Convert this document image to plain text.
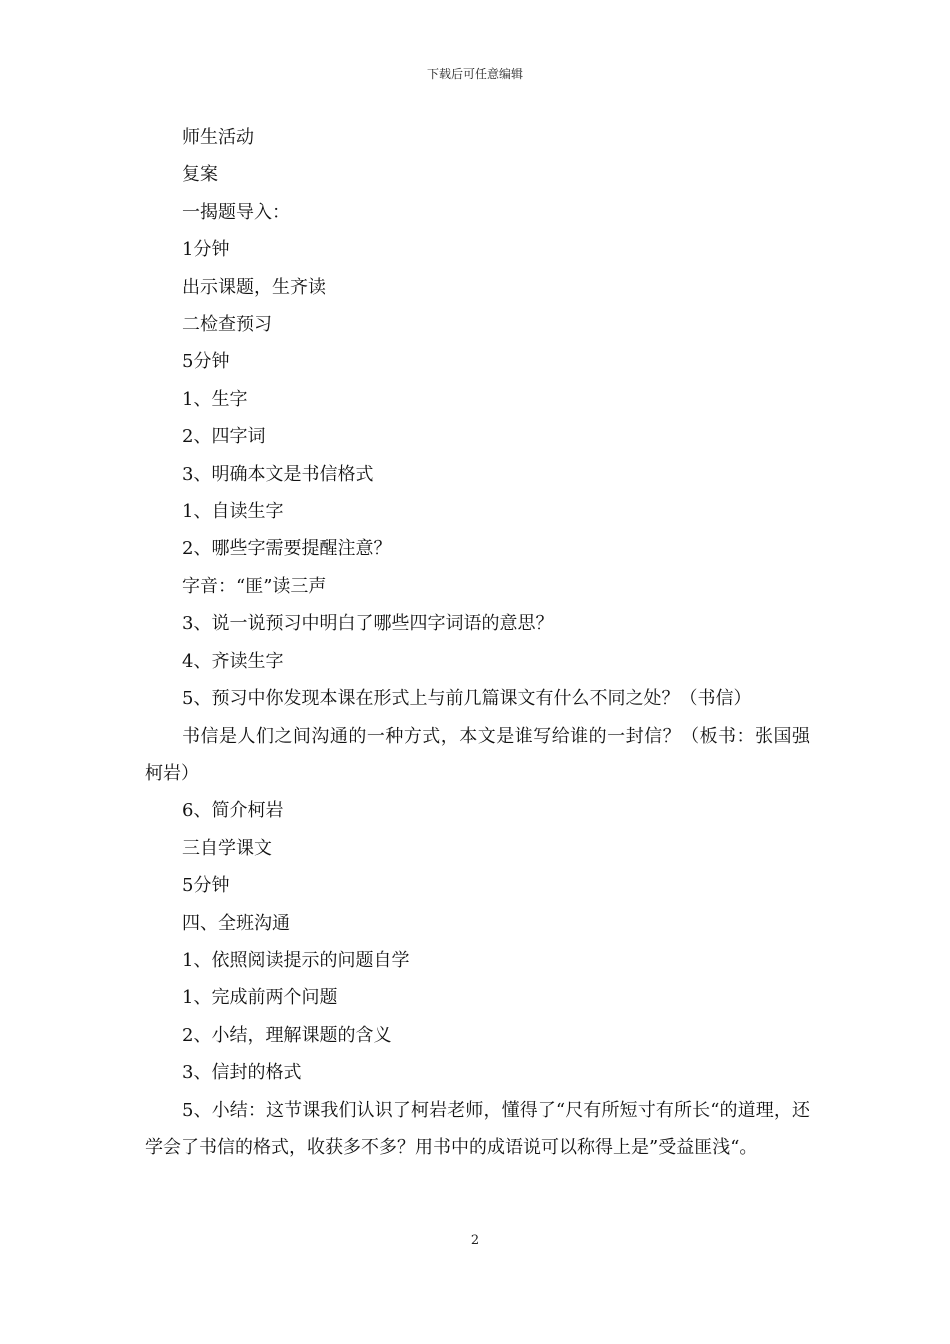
下载后可任意编辑

师生活动

复案

一揭题导入：

1分钟

出示课题，生齐读

二检查预习

5分钟

1、生字

2、四字词

3、明确本文是书信格式

1、自读生字

2、哪些字需要提醒注意？

字音：“匪”读三声

3、说一说预习中明白了哪些四字词语的意思？

4、齐读生字

5、预习中你发现本课在形式上与前几篇课文有什么不同之处？（书信）

书信是人们之间沟通的一种方式，本文是谁写给谁的一封信？（板书：张国强柯岩）

6、简介柯岩

三自学课文

5分钟

四、全班沟通

1、依照阅读提示的问题自学

1、完成前两个问题

2、小结，理解课题的含义

3、信封的格式

5、小结：这节课我们认识了柯岩老师，懂得了“尺有所短寸有所长“的道理，还学会了书信的格式，收获多不多？用书中的成语说可以称得上是”受益匪浅“。

2
